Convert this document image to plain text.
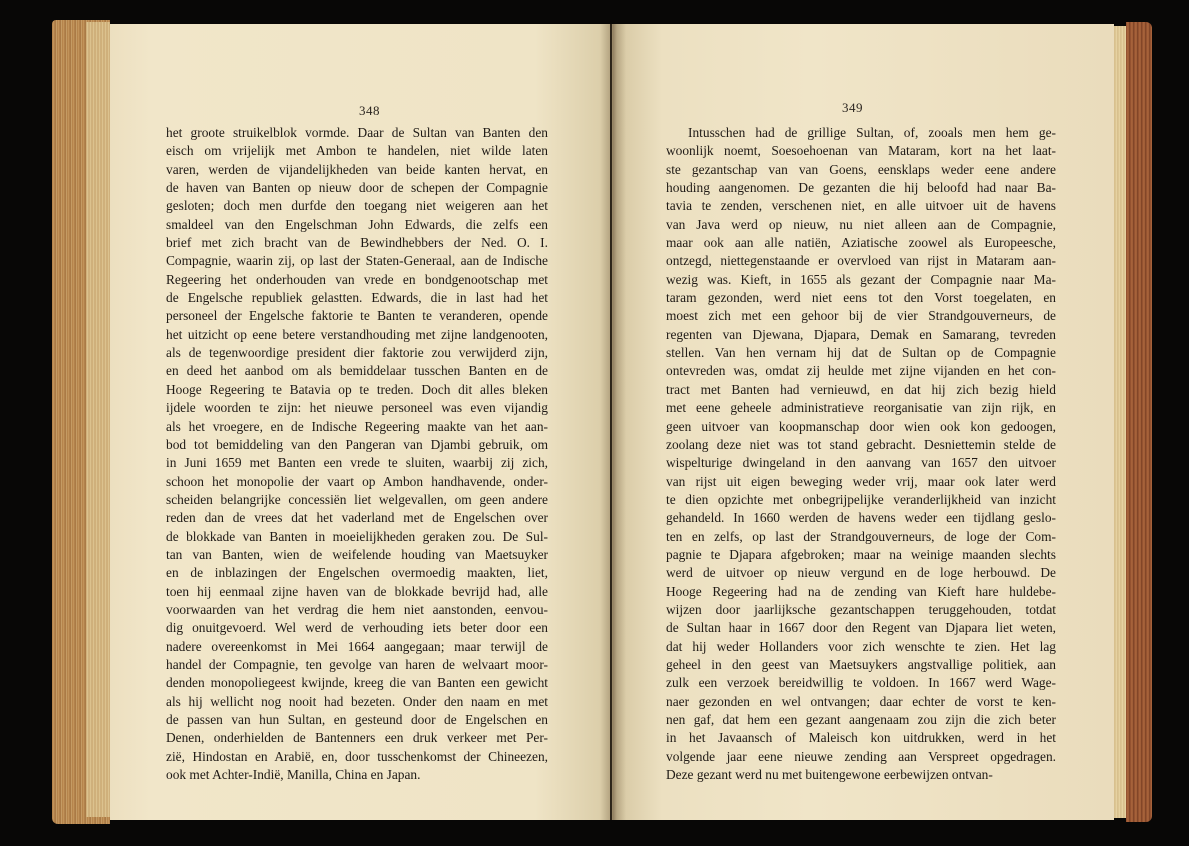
348	349
het groote struikelblok vormde. Daar de Sultan van Banten den
eisch om vrijelijk met Ambon te handelen, niet wilde laten
varen, werden de vijandelijkheden van beide kanten hervat, en
de haven van Banten op nieuw door de schepen der Compagnie
gesloten; doch men durfde den toegang niet weigeren aan het
smaldeel van den Engelschman John Edwards, die zelfs een
brief met zich bracht van de Bewindhebbers der Ned. O. I.
Compagnie, waarin zij, op last der Staten-Generaal, aan de Indische
Regeering het onderhouden van vrede en bondgenootschap met
de Engelsche republiek gelastten. Edwards, die in last had het
personeel der Engelsche faktorie te Banten te veranderen, opende
het uitzicht op eene betere verstandhouding met zijne landgenooten,
als de tegenwoordige president dier faktorie zou verwijderd zijn,
en deed het aanbod om als bemiddelaar tusschen Banten en de
Hooge Regeering te Batavia op te treden. Doch dit alles bleken
ijdele woorden te zijn: het nieuwe personeel was even vijandig
als het vroegere, en de Indische Regeering maakte van het aan-
bod tot bemiddeling van den Pangeran van Djambi gebruik, om
in Juni 1659 met Banten een vrede te sluiten, waarbij zij zich,
schoon het monopolie der vaart op Ambon handhavende, onder-
scheiden belangrijke concessiën liet welgevallen, om geen andere
reden dan de vrees dat het vaderland met de Engelschen over
de blokkade van Banten in moeielijkheden geraken zou. De Sul-
tan van Banten, wien de weifelende houding van Maetsuyker
en de inblazingen der Engelschen overmoedig maakten, liet,
toen hij eenmaal zijne haven van de blokkade bevrijd had, alle
voorwaarden van het verdrag die hem niet aanstonden, eenvou-
dig onuitgevoerd. Wel werd de verhouding iets beter door een
nadere overeenkomst in Mei 1664 aangegaan; maar terwijl de
handel der Compagnie, ten gevolge van haren de welvaart moor-
denden monopoliegeest kwijnde, kreeg die van Banten een gewicht
als hij wellicht nog nooit had bezeten. Onder den naam en met
de passen van hun Sultan, en gesteund door de Engelschen en
Denen, onderhielden de Bantenners een druk verkeer met Per-
zië, Hindostan en Arabië, en, door tusschenkomst der Chineezen,
ook met Achter-Indië, Manilla, China en Japan.
Intusschen had de grillige Sultan, of, zooals men hem ge-
woonlijk noemt, Soesoehoenan van Mataram, kort na het laat-
ste gezantschap van van Goens, eensklaps weder eene andere
houding aangenomen. De gezanten die hij beloofd had naar Ba-
tavia te zenden, verschenen niet, en alle uitvoer uit de havens
van Java werd op nieuw, nu niet alleen aan de Compagnie,
maar ook aan alle natiën, Aziatische zoowel als Europeesche,
ontzegd, niettegenstaande er overvloed van rijst in Mataram aan-
wezig was. Kieft, in 1655 als gezant der Compagnie naar Ma-
taram gezonden, werd niet eens tot den Vorst toegelaten, en
moest zich met een gehoor bij de vier Strandgouverneurs, de
regenten van Djewana, Djapara, Demak en Samarang, tevreden
stellen. Van hen vernam hij dat de Sultan op de Compagnie
ontevreden was, omdat zij heulde met zijne vijanden en het con-
tract met Banten had vernieuwd, en dat hij zich bezig hield
met eene geheele administratieve reorganisatie van zijn rijk, en
geen uitvoer van koopmanschap door wien ook kon gedoogen,
zoolang deze niet was tot stand gebracht. Desniettemin stelde de
wispelturige dwingeland in den aanvang van 1657 den uitvoer
van rijst uit eigen beweging weder vrij, maar ook later werd
te dien opzichte met onbegrijpelijke veranderlijkheid van inzicht
gehandeld. In 1660 werden de havens weder een tijdlang geslo-
ten en zelfs, op last der Strandgouverneurs, de loge der Com-
pagnie te Djapara afgebroken; maar na weinige maanden slechts
werd de uitvoer op nieuw vergund en de loge herbouwd. De
Hooge Regeering had na de zending van Kieft hare huldebe-
wijzen door jaarlijksche gezantschappen teruggehouden, totdat
de Sultan haar in 1667 door den Regent van Djapara liet weten,
dat hij weder Hollanders voor zich wenschte te zien. Het lag
geheel in den geest van Maetsuykers angstvallige politiek, aan
zulk een verzoek bereidwillig te voldoen. In 1667 werd Wage-
naer gezonden en wel ontvangen; daar echter de vorst te ken-
nen gaf, dat hem een gezant aangenaam zou zijn die zich beter
in het Javaansch of Maleisch kon uitdrukken, werd in het
volgende jaar eene nieuwe zending aan Verspreet opgedragen.
Deze gezant werd nu met buitengewone eerbewijzen ontvan-
